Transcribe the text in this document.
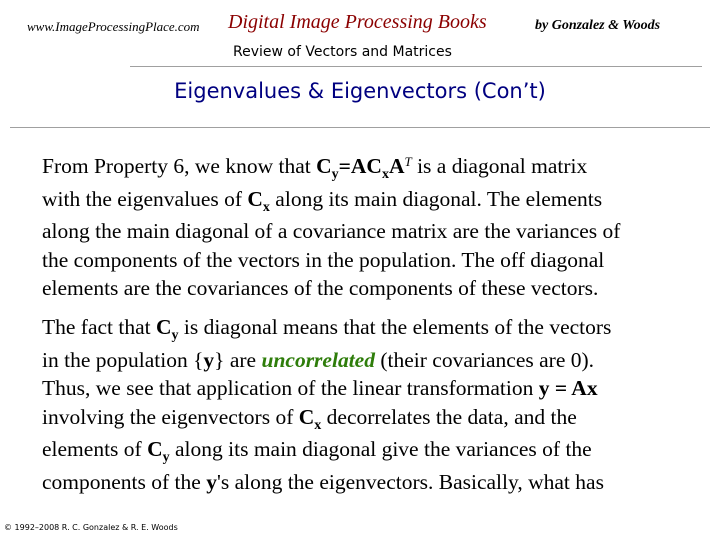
www.ImageProcessingPlace.com Digital Image Processing Books	by Gonzalez & Woods
Review of Vectors and Matrices
Eigenvalues & Eigenvectors (Con’t)
From Property 6, we know that $C_y=AC_xA^T$ is a diagonal matrix
with the eigenvalues of $C_x$ along its main diagonal. The elements
along the main diagonal of a covariance matrix are the variances of
the components of the vectors in the population. The off diagonal
elements are the covariances of the components of these vectors.
The fact that $C_y$ is diagonal means that the elements of the vectors
in the population {y} are uncorrelated (their covariances are 0).
Thus, we see that application of the linear transformation y = Ax
involving the eigenvectors of $C_x$ decorrelates the data, and the
elements of $C_y$ along its main diagonal give the variances of the
components of the y's along the eigenvectors. Basically, what has
© 1992–2008 R. C. Gonzalez & R. E. Woods
